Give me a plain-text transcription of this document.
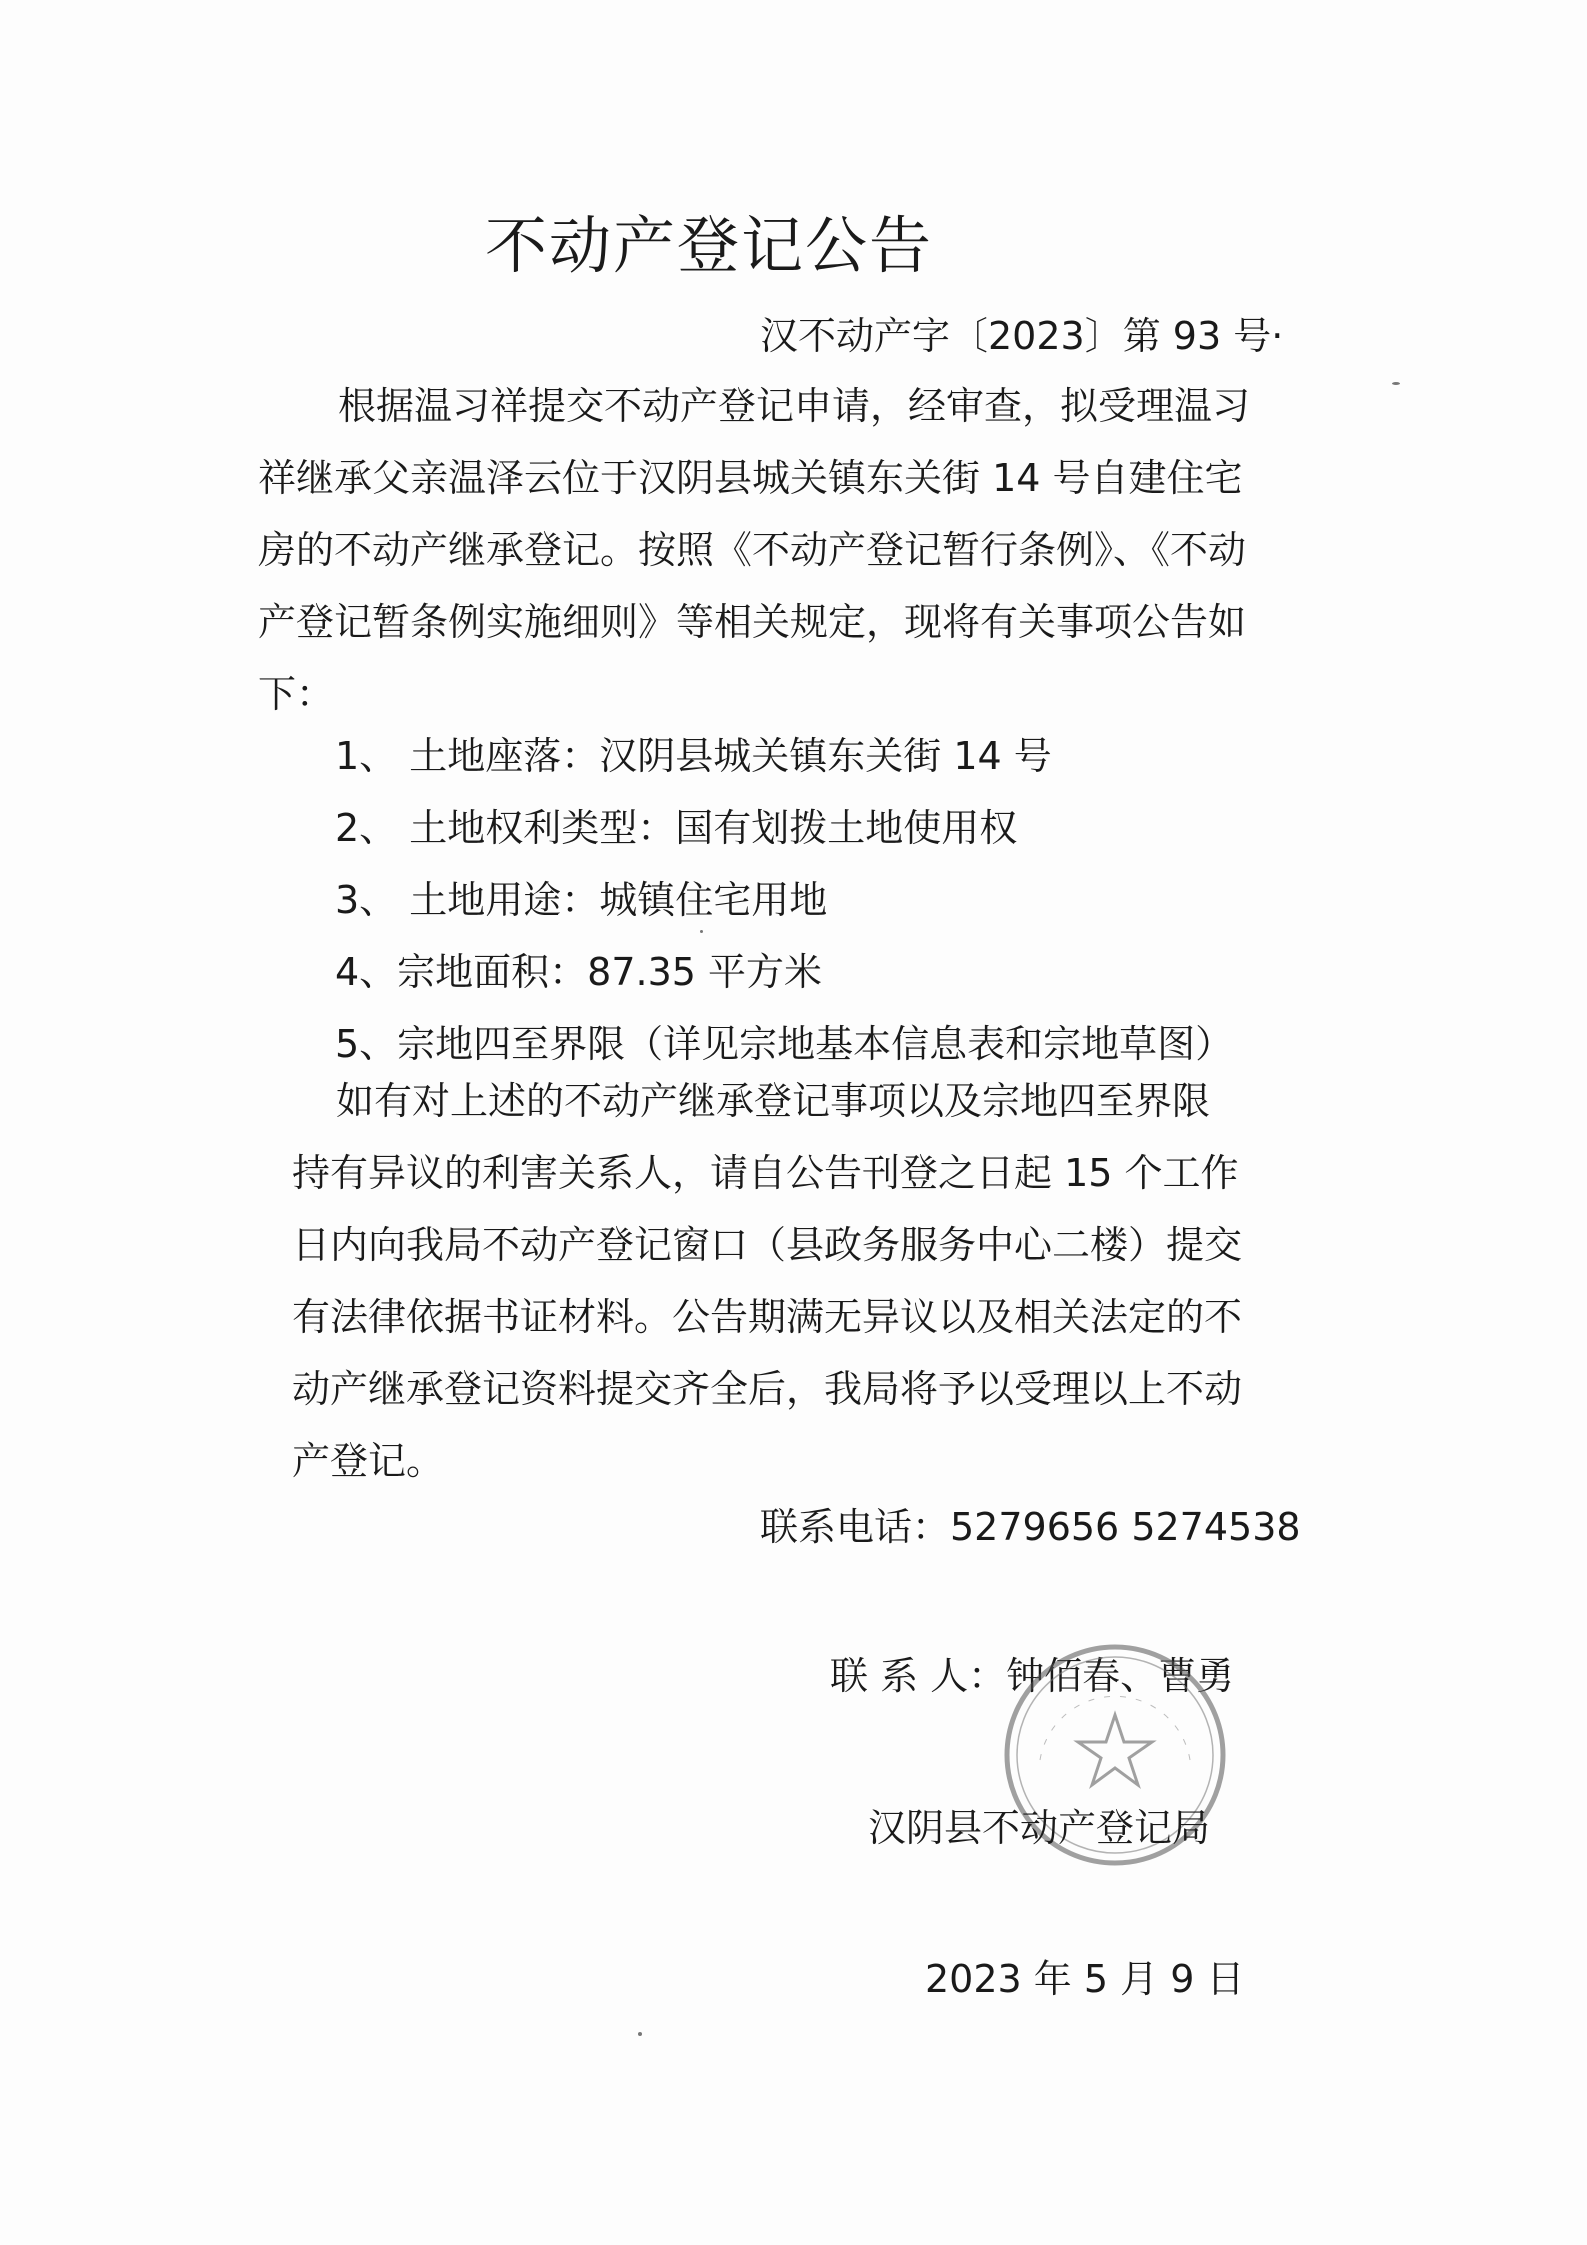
不动产登记公告
汉不动产字〔2023〕第 93 号·
根据温习祥提交不动产登记申请，经审查，拟受理温习
祥继承父亲温泽云位于汉阴县城关镇东关街 14 号自建住宅
房的不动产继承登记。按照《不动产登记暂行条例》、《不动
产登记暂条例实施细则》等相关规定，现将有关事项公告如
下：
1、 土地座落：汉阴县城关镇东关街 14 号
2、 土地权利类型：国有划拨土地使用权
3、 土地用途：城镇住宅用地
4、宗地面积：87.35 平方米
5、宗地四至界限（详见宗地基本信息表和宗地草图）
如有对上述的不动产继承登记事项以及宗地四至界限
持有异议的利害关系人，请自公告刊登之日起 15 个工作
日内向我局不动产登记窗口（县政务服务中心二楼）提交
有法律依据书证材料。公告期满无异议以及相关法定的不
动产继承登记资料提交齐全后，我局将予以受理以上不动
产登记。
联系电话：5279656 5274538
联 系 人：钟佰春、曹勇
汉阴县不动产登记局
2023 年 5 月 9 日
